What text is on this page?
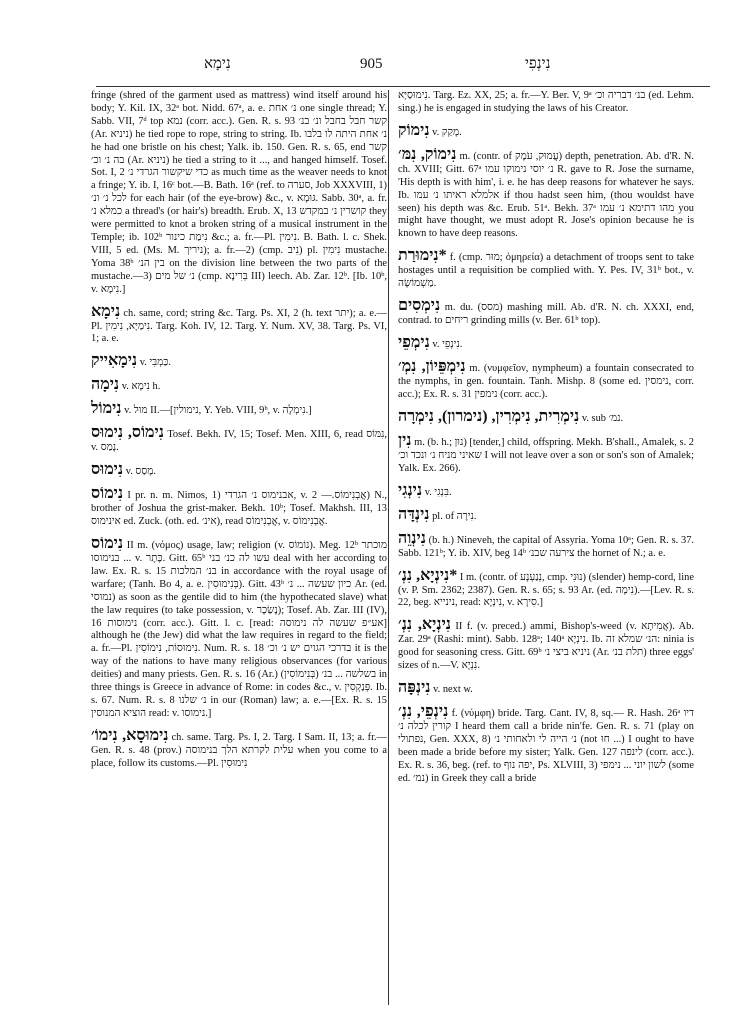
נִימָא	905	נִינְפִי

fringe (shred of the garment used as mattress) wind itself around his body; Y. Kil. IX, 32ᵃ bot. Nidd. 67ᵃ, a. e. נ׳ אחת one single thread; Y. Sabb. VII, 7ᵈ top נמא (corr. acc.). Gen. R. s. 93 קשר חבל בחבל ונ׳ בנ׳ (Ar. ניניא) he tied rope to rope, string to string. Ib. נ׳ אחת היתה לו בלבו he had one bristle on his chest; Yalk. ib. 150. Gen. R. s. 65, end קשר בה נ׳ וכ׳ (Ar. ניניא) he tied a string to it ..., and hanged himself. Tosef. Sot. I, 2 כדי שיקשור הגרדי נ׳ as much time as the weaver needs to knot a fringe; Y. ib. I, 16ᶜ bot.—B. Bath. 16ᵃ (ref. to סערה, Job XXXVIII, 1) לכל נ׳ ונ׳ for each hair (of the eye-brow) &c., v. גּוּמָא. Sabb. 30ᵃ, a. fr. כמלא נ׳ a thread's (or hair's) breadth. Erub. X, 13 קושרין נ׳ במקדש they were permitted to knot a broken string of a musical instrument in the Temple; ib. 102ᵇ נִימַת כינור &c.; a. fr.—Pl. נִימִין. B. Bath. l. c. Shek. VIII, 5 ed. (Ms. M. ניריך); a. fr.—2) (cmp. נִיב) pl. נִימִין mustache. Yoma 38ᵇ בין הנ׳ on the division line between the two parts of the mustache.—3) נ׳ של מים (cmp. בְּרִינָא III) leech. Ab. Zar. 12ᵇ. [Ib. 10ᵇ, v. נִימָא.]

נִימָא ch. same, cord; string &c. Targ. Ps. XI, 2 (h. text יתר); a. e.—Pl. נִימַיָּא, נִימִין. Targ. Koh. IV, 12. Targ. Y. Num. XV, 38. Targ. Ps. VI, 1; a. e.

נִימָאִייק v. כַּמְבִּי.

נִימָה v. נִימָא h.

נִימוֹל v. מוּל II.—[נימולין, Y. Yeb. VIII, 9ᵇ, v. נִימְלָה.]

נִימוֹס, נִימוּס Tosef. Bekh. IV, 15; Tosef. Men. XIII, 6, read נִמּוֹס, v. נָמַס.

נִימוּס v. מָסַס.

נִימוֹס I pr. n. m. Nimos, 1) אבנימוס נ׳ הגרדי, v. אֲבְנִימוֹס.— 2) N., brother of Joshua the grist-maker. Bekh. 10ᵇ; Tosef. Makhsh. III, 13 אינימוס ed. Zuck. (oth. ed. אינ׳), read אֲבְנִימוֹס, v. אֲבְנִימוֹס.

נִימוֹס II m. (νόμος) usage, law; religion (v. נוֹמוֹס). Meg. 12ᵇ מוכתר בנימוסו ... v. כֶּתֶר. Gitt. 65ᵇ עשו לה כנ׳ בני deal with her according to law. Ex. R. s. 15 בנ׳ המלכות in accordance with the royal usage of warfare; (Tanh. Bo 4, a. e. בְּנִימוּסִין). Gitt. 43ᵇ כיון שעשה ... נ׳ Ar. (ed. נמוסי) as soon as the gentile did to him (the hypothecated slave) what the law requires (to take possession, v. נָשַׂכָר); Tosef. Ab. Zar. III (IV), 16 נימוסות (corr. acc.). Gitt. l. c. [read: אע״פ שעשה לה נימוסה] although he (the Jew) did what the law requires in regard to the field; a. fr.—Pl. נִימוּסוֹת, נִימוֹסִין. Num. R. s. 18 בדרכי הגוים יש נ׳ וכ׳ it is the way of the nations to have many religious observances (for various deities) and many priests. Gen. R. s. 16 (Ar.) בשלשה ... בנ׳ (בְּנִימוֹסִין) in three things is Greece in advance of Rome: in codes &c., v. פְּנַקְסִין. Ib. s. 67. Num. R. s. 8 נ׳ שלנו in our (Roman) law; a. e.—[Ex. R. s. 15 הוציא המנוסין read: v. נימוסו.]

נִימוּסָא, נִימוֹ׳ ch. same. Targ. Ps. I, 2. Targ. I Sam. II, 13; a. fr.—Gen. R. s. 48 (prov.) עלית לקרתא הלך בנימוסה when you come to a place, follow its customs.—Pl. נִימוּסִין

נִימוּסַיָּא. Targ. Ez. XX, 25; a. fr.—Y. Ber. V, 9ᵃ בנ׳ דבריה וכ׳ (ed. Lehm. sing.) he is engaged in studying the laws of his Creator.

נִימוֹק v. מָקַק.

נִימוֹק, נִמּ׳ m. (contr. of עֲמוּק, עֹמֶק) depth, penetration. Ab. d'R. N. ch. XVIII; Gitt. 67ᵃ נ׳ יוסי נימוקו עמו R. gave to R. Jose the surname, 'His depth is with him', i. e. he has deep reasons for whatever he says. Ib. אלמלא ראיתו נ׳ עמו if thou hadst seen him, (thou wouldst have seen) his depth was &c. Erub. 51ᵃ. Bekh. 37ᵃ מהו דתימא נ׳ עמו you might have thought, we must adopt R. Jose's opinion because he is known to have deep reasons.

*נִימוּרַת f. (cmp. מוּר; ὁμηρεία) a detachment of troops sent to take hostages until a requisition be complied with. Y. Pes. IV, 31ᵇ bot., v. מַשְׁמוֹשָׂה.

נִימְסִים m. du. (מסס) mashing mill. Ab. d'R. N. ch. XXXI, end, contrad. to ריחים grinding mills (v. Ber. 61ᵇ top).

נִימְפֵי v. נִינְפֵי.

נִימְפֵּיוֹן, נִמְ׳ m. (νυμφεῖον, nympheum) a fountain consecrated to the nymphs, in gen. fountain. Tanh. Mishp. 8 (some ed. נימסין, corr. acc.); Ex. R. s. 31 נימפין (corr. acc.).

נִימְרִית, נִימְרִין, (נימרון), נִימְרָה v. sub נמ׳.

נִין m. (b. h.; נוּן) [tender,] child, offspring. Mekh. B'shall., Amalek, s. 2 שאיני מניח נ׳ ונכד וכ׳ I will not leave over a son or son's son of Amalek; Yalk. Ex. 266).

נִינְגִי v. בִּנְגִי.

נִינְדָּה pl. of נִירָה.

נִינְוֵה (b. h.) Nineveh, the capital of Assyria. Yoma 10ᵃ; Gen. R. s. 37. Sabb. 121ᵇ; Y. ib. XIV, beg 14ᵇ צירעה שבנ׳ the hornet of N.; a. e.

*נִינְיָא, נִנְ׳ I m. (contr. of נְנַעְנָע, cmp. נוּנִי) (slender) hemp-cord, line (v. P. Sm. 2362; 2387). Gen. R. s. 65; s. 93 Ar. (ed. נִימָה).—[Lev. R. s. 22, beg. נינייא, read: נִינְיָא, v. סִירָא.]

נִינְיָא, נִנְ׳ II f. (v. preced.) ammi, Bishop's-weed (v. אֲמִיתָא). Ab. Zar. 29ᵃ (Rashi: mint). Sabb. 128ᵃ; 140ᵃ נִינְיָא. Ib. הנ׳ שמלא זה: ninia is good for seasoning cress. Gitt. 69ᵇ ניניא ביצי נ׳ (Ar. תלת בנ׳) three eggs' sizes of n.—V. נִנְיָא.

נִינְפָּה v. next w.

נִינְפֵי, נִנְ׳ f. (νύμφη) bride. Targ. Cant. IV, 8, sq.— R. Hash. 26ᵃ דיו קורין לכלה נ׳ I heard them call a bride nin'fe. Gen. R. s. 71 (play on נפתולי, Gen. XXX, 8) נ׳ הייה לי ולאחותי נ׳ (not חוּ ...) I ought to have been made a bride before my sister; Yalk. Gen. 127 לינפה (corr. acc.). Ex. R. s. 36, beg. (ref. to יפה נוף, Ps. XLVIII, 3) לשון יוני ... נימפי (some ed. נמ׳) in Greek they call a bride
